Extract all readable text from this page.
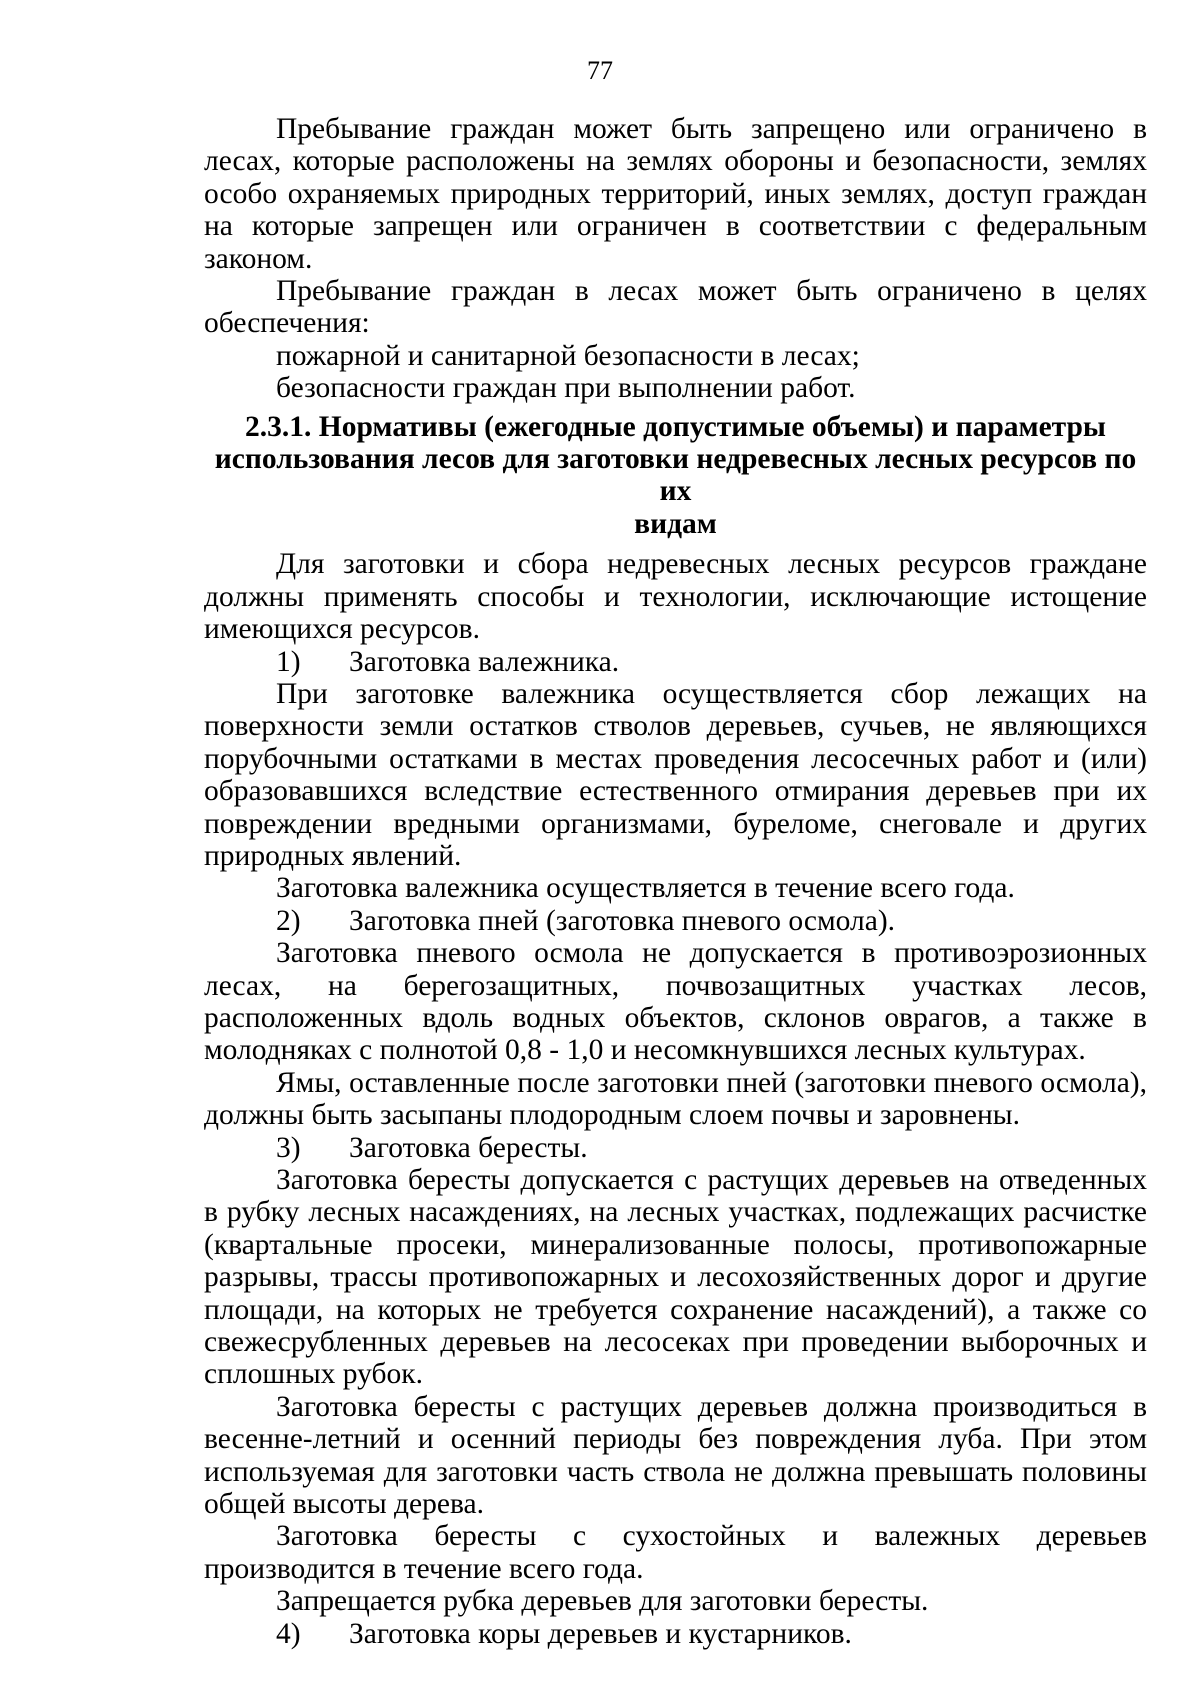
77

Пребывание граждан может быть запрещено или ограничено в лесах, которые расположены на землях обороны и безопасности, землях особо охраняемых природных территорий, иных землях, доступ граждан на которые запрещен или ограничен в соответствии с федеральным законом.

Пребывание граждан в лесах может быть ограничено в целях обеспечения:

пожарной и санитарной безопасности в лесах;

безопасности граждан при выполнении работ.

2.3.1. Нормативы (ежегодные допустимые объемы) и параметры
использования лесов для заготовки недревесных лесных ресурсов по их
видам

Для заготовки и сбора недревесных лесных ресурсов граждане должны применять способы и технологии, исключающие истощение имеющихся ресурсов.

1)	Заготовка валежника.

При заготовке валежника осуществляется сбор лежащих на поверхности земли остатков стволов деревьев, сучьев, не являющихся порубочными остатками в местах проведения лесосечных работ и (или) образовавшихся вследствие естественного отмирания деревьев при их повреждении вредными организмами, буреломе, снеговале и других природных явлений.

Заготовка валежника осуществляется в течение всего года.

2)	Заготовка пней (заготовка пневого осмола).

Заготовка пневого осмола не допускается в противоэрозионных лесах, на берегозащитных, почвозащитных участках лесов, расположенных вдоль водных объектов, склонов оврагов, а также в молодняках с полнотой 0,8 - 1,0 и несомкнувшихся лесных культурах.

Ямы, оставленные после заготовки пней (заготовки пневого осмола), должны быть засыпаны плодородным слоем почвы и заровнены.

3)	Заготовка бересты.

Заготовка бересты допускается с растущих деревьев на отведенных в рубку лесных насаждениях, на лесных участках, подлежащих расчистке (квартальные просеки, минерализованные полосы, противопожарные разрывы, трассы противопожарных и лесохозяйственных дорог и другие площади, на которых не требуется сохранение насаждений), а также со свежесрубленных деревьев на лесосеках при проведении выборочных и сплошных рубок.

Заготовка бересты с растущих деревьев должна производиться в весенне-летний и осенний периоды без повреждения луба. При этом используемая для заготовки часть ствола не должна превышать половины общей высоты дерева.

Заготовка бересты с сухостойных и валежных деревьев производится в течение всего года.

Запрещается рубка деревьев для заготовки бересты.

4)	Заготовка коры деревьев и кустарников.
